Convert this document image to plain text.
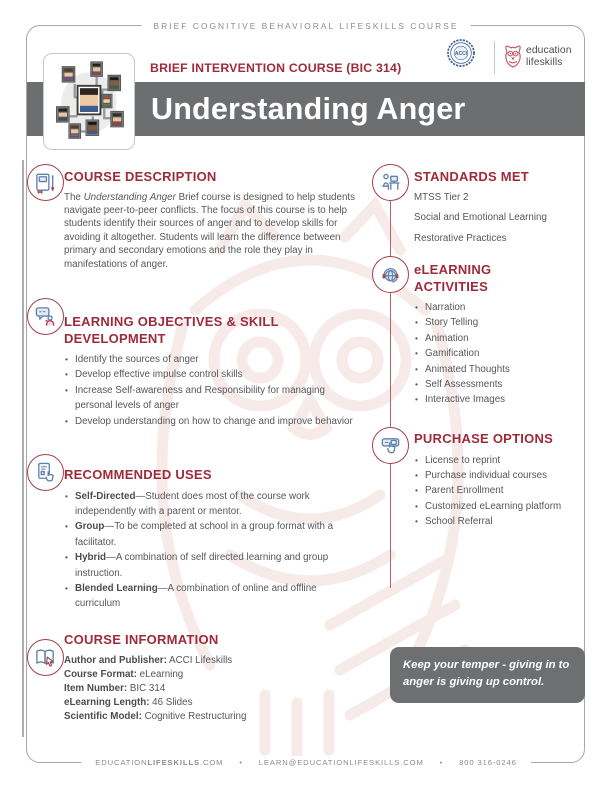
BRIEF COGNITIVE BEHAVIORAL LIFESKILLS COURSE
Understanding Anger
BRIEF INTERVENTION COURSE (BIC 314)
ACCI	education
lifeskills
COURSE DESCRIPTION

The Understanding Anger Brief course is designed to help students navigate peer-to-peer conflicts. The focus of this course is to help students identify their sources of anger and to develop skills for avoiding it altogether. Students will learn the difference between primary and secondary emotions and the role they play in manifestations of anger.

LEARNING OBJECTIVES & SKILL DEVELOPMENT
• Identify the sources of anger
• Develop effective impulse control skills
• Increase Self-awareness and Responsibility for managing personal levels of anger
• Develop understanding on how to change and improve behavior
RECOMMENDED USES
• Self-Directed—Student does most of the course work independently with a parent or mentor.
• Group—To be completed at school in a group format with a facilitator.
• Hybrid—A combination of self directed learning and group instruction.
• Blended Learning—A combination of online and offline curriculum
COURSE INFORMATION
Author and Publisher: ACCI Lifeskills
Course Format: eLearning
Item Number: BIC 314
eLearning Length: 46 Slides
Scientific Model: Cognitive Restructuring
STANDARDS MET
MTSS Tier 2
Social and Emotional Learning
Restorative Practices
eLEARNING ACTIVITIES
• Narration
• Story Telling
• Animation
• Gamification
• Animated Thoughts
• Self Assessments
• Interactive Images
PURCHASE OPTIONS
• License to reprint
• Purchase individual courses
• Parent Enrollment
• Customized eLearning platform
• School Referral
Keep your temper - giving in to anger is giving up control.
EDUCATIONLIFESKILLS.COM • LEARN@EDUCATIONLIFESKILLS.COM • 800 316-0246
